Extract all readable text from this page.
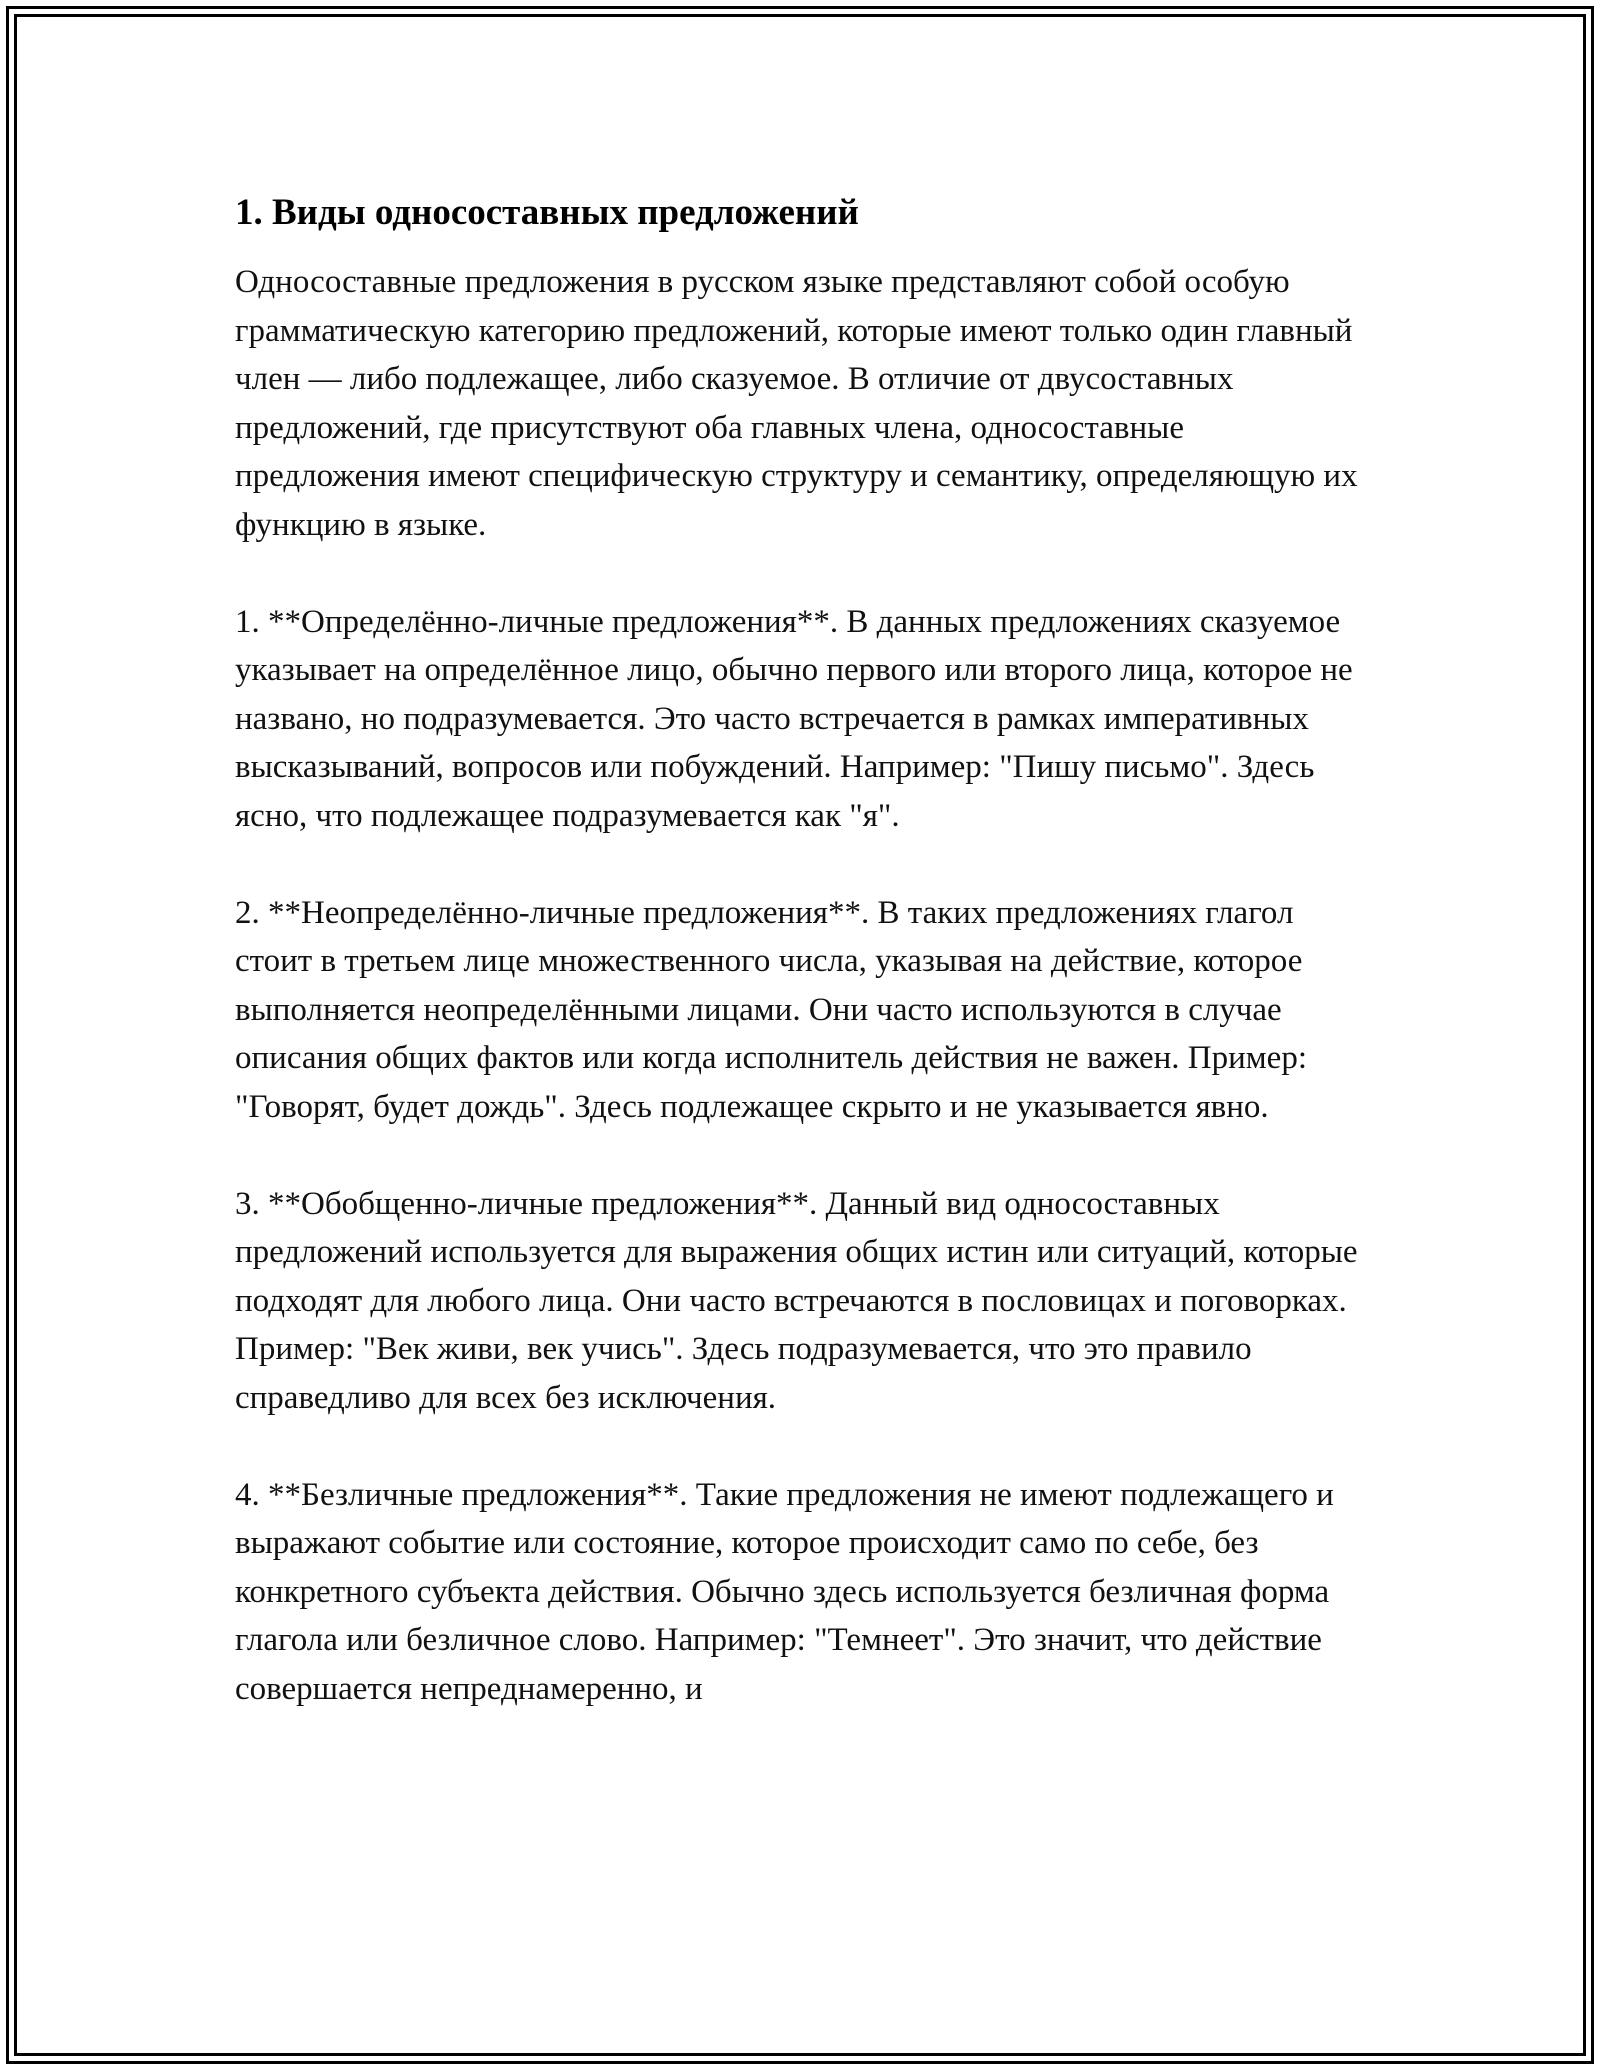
1. Виды односоставных предложений

Односоставные предложения в русском языке представляют собой особую грамматическую категорию предложений, которые имеют только один главный член — либо подлежащее, либо сказуемое. В отличие от двусоставных предложений, где присутствуют оба главных члена, односоставные предложения имеют специфическую структуру и семантику, определяющую их функцию в языке.

1. **Определённо-личные предложения**. В данных предложениях сказуемое указывает на определённое лицо, обычно первого или второго лица, которое не названо, но подразумевается. Это часто встречается в рамках императивных высказываний, вопросов или побуждений. Например: "Пишу письмо". Здесь ясно, что подлежащее подразумевается как "я".

2. **Неопределённо-личные предложения**. В таких предложениях глагол стоит в третьем лице множественного числа, указывая на действие, которое выполняется неопределёнными лицами. Они часто используются в случае описания общих фактов или когда исполнитель действия не важен. Пример: "Говорят, будет дождь". Здесь подлежащее скрыто и не указывается явно.

3. **Обобщенно-личные предложения**. Данный вид односоставных предложений используется для выражения общих истин или ситуаций, которые подходят для любого лица. Они часто встречаются в пословицах и поговорках. Пример: "Век живи, век учись". Здесь подразумевается, что это правило справедливо для всех без исключения.

4. **Безличные предложения**. Такие предложения не имеют подлежащего и выражают событие или состояние, которое происходит само по себе, без конкретного субъекта действия. Обычно здесь используется безличная форма глагола или безличное слово. Например: "Темнеет". Это значит, что действие совершается непреднамеренно, и
